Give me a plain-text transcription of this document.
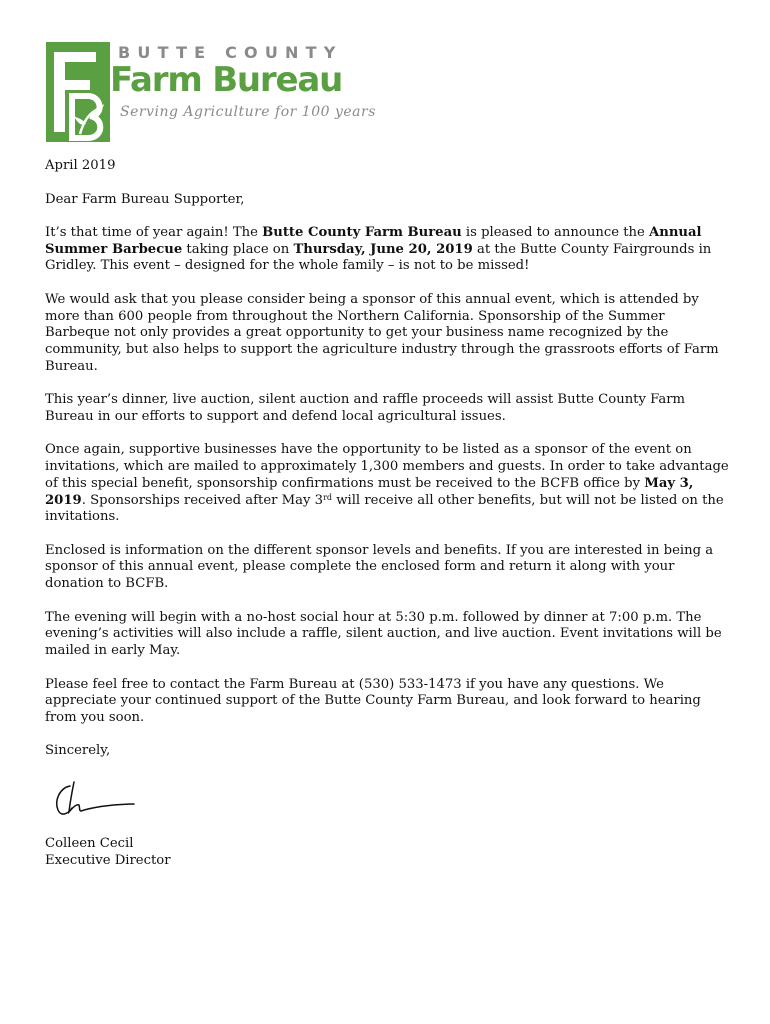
BUTTE COUNTY
Farm Bureau
Serving Agriculture for 100 years

April 2019

Dear Farm Bureau Supporter,

It’s that time of year again! The Butte County Farm Bureau is pleased to announce the Annual Summer Barbecue taking place on Thursday, June 20, 2019 at the Butte County Fairgrounds in Gridley. This event – designed for the whole family – is not to be missed!

We would ask that you please consider being a sponsor of this annual event, which is attended by more than 600 people from throughout the Northern California. Sponsorship of the Summer Barbeque not only provides a great opportunity to get your business name recognized by the community, but also helps to support the agriculture industry through the grassroots efforts of Farm Bureau.

This year’s dinner, live auction, silent auction and raffle proceeds will assist Butte County Farm Bureau in our efforts to support and defend local agricultural issues.

Once again, supportive businesses have the opportunity to be listed as a sponsor of the event on invitations, which are mailed to approximately 1,300 members and guests. In order to take advantage of this special benefit, sponsorship confirmations must be received to the BCFB office by May 3, 2019. Sponsorships received after May 3rd will receive all other benefits, but will not be listed on the invitations.

Enclosed is information on the different sponsor levels and benefits. If you are interested in being a sponsor of this annual event, please complete the enclosed form and return it along with your donation to BCFB.

The evening will begin with a no-host social hour at 5:30 p.m. followed by dinner at 7:00 p.m. The evening’s activities will also include a raffle, silent auction, and live auction. Event invitations will be mailed in early May.

Please feel free to contact the Farm Bureau at (530) 533-1473 if you have any questions. We appreciate your continued support of the Butte County Farm Bureau, and look forward to hearing from you soon.

Sincerely,

Colleen Cecil
Executive Director
